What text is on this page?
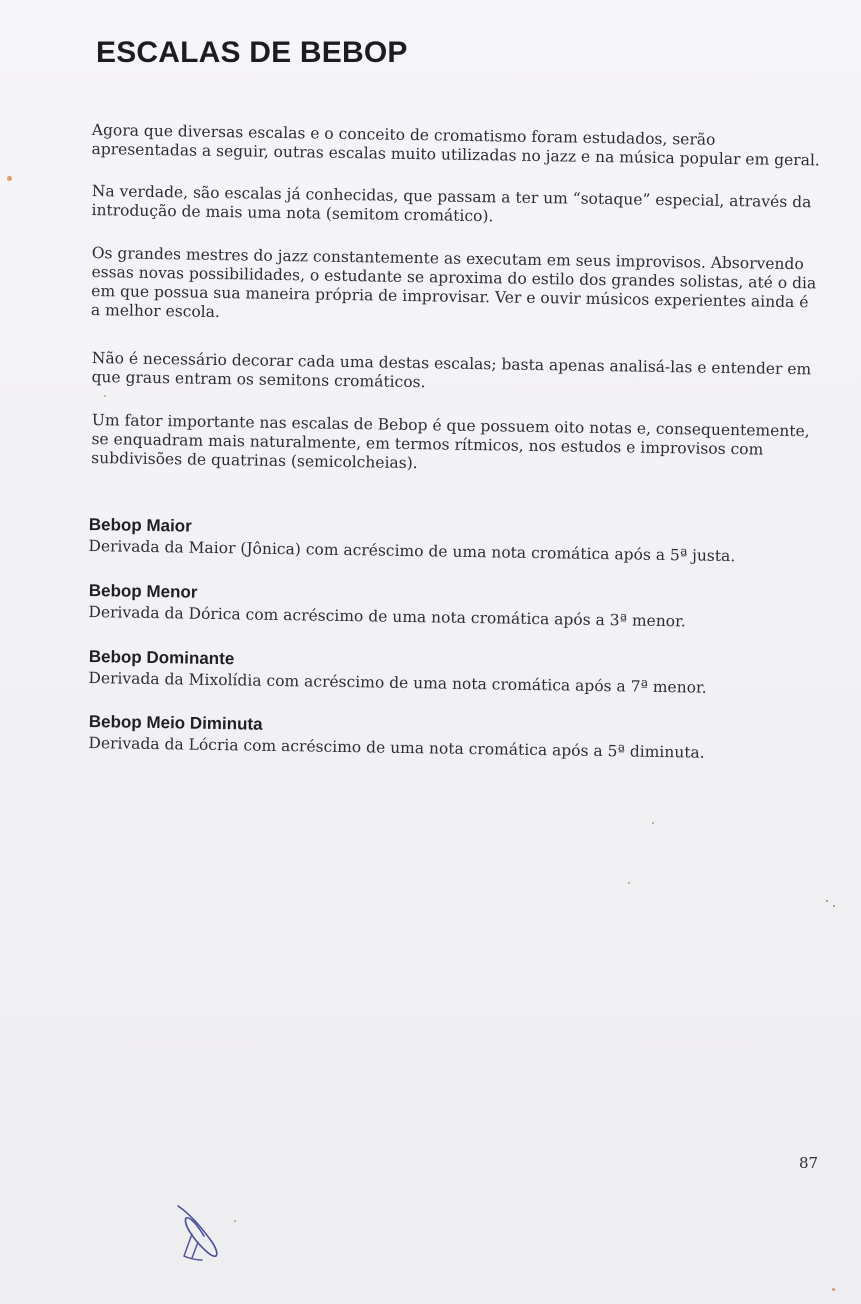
ESCALAS DE BEBOP

Agora que diversas escalas e o conceito de cromatismo foram estudados, serão apresentadas a seguir, outras escalas muito utilizadas no jazz e na música popular em geral.

Na verdade, são escalas já conhecidas, que passam a ter um “sotaque” especial, através da introdução de mais uma nota (semitom cromático).

Os grandes mestres do jazz constantemente as executam em seus improvisos. Absorvendo essas novas possibilidades, o estudante se aproxima do estilo dos grandes solistas, até o dia em que possua sua maneira própria de improvisar. Ver e ouvir músicos experientes ainda é a melhor escola.

Não é necessário decorar cada uma destas escalas; basta apenas analisá-las e entender em que graus entram os semitons cromáticos.

Um fator importante nas escalas de Bebop é que possuem oito notas e, consequentemente, se enquadram mais naturalmente, em termos rítmicos, nos estudos e improvisos com subdivisões de quatrinas (semicolcheias).

Bebop Maior

Derivada da Maior (Jônica) com acréscimo de uma nota cromática após a 5ª justa.

Bebop Menor

Derivada da Dórica com acréscimo de uma nota cromática após a 3ª menor.

Bebop Dominante

Derivada da Mixolídia com acréscimo de uma nota cromática após a 7ª menor.

Bebop Meio Diminuta

Derivada da Lócria com acréscimo de uma nota cromática após a 5ª diminuta.

87
